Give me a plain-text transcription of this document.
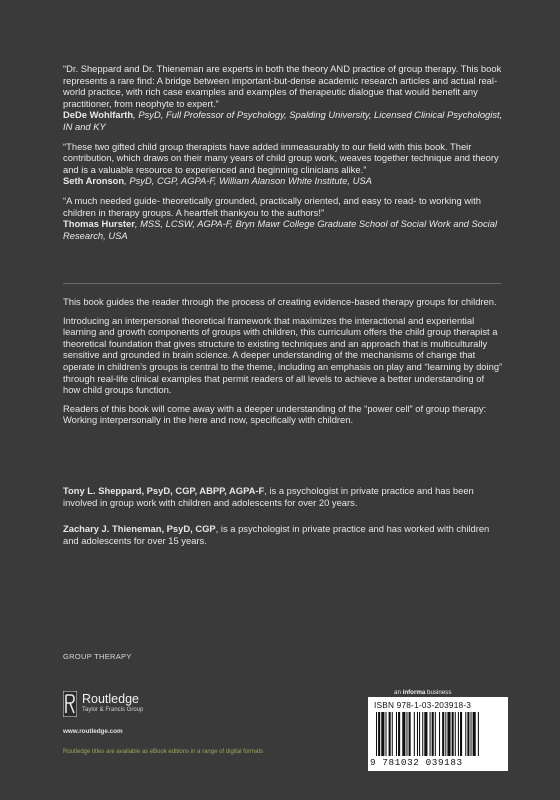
“Dr. Sheppard and Dr. Thieneman are experts in both the theory AND practice of group therapy. This book represents a rare find: A bridge between important-but-dense academic research articles and actual real-world practice, with rich case examples and examples of therapeutic dialogue that would benefit any practitioner, from neophyte to expert.”
DeDe Wohlfarth, PsyD, Full Professor of Psychology, Spalding University, Licensed Clinical Psychologist, IN and KY
“These two gifted child group therapists have added immeasurably to our field with this book. Their contribution, which draws on their many years of child group work, weaves together technique and theory and is a valuable resource to experienced and beginning clinicians alike.”
Seth Aronson, PsyD, CGP, AGPA-F, William Alanson White Institute, USA
“A much needed guide- theoretically grounded, practically oriented, and easy to read- to working with children in therapy groups. A heartfelt thankyou to the authors!”
Thomas Hurster, MSS, LCSW, AGPA-F, Bryn Mawr College Graduate School of Social Work and Social Research, USA
This book guides the reader through the process of creating evidence-based therapy groups for children.
Introducing an interpersonal theoretical framework that maximizes the interactional and experiential learning and growth components of groups with children, this curriculum offers the child group therapist a theoretical foundation that gives structure to existing techniques and an approach that is multiculturally sensitive and grounded in brain science. A deeper understanding of the mechanisms of change that operate in children’s groups is central to the theme, including an emphasis on play and “learning by doing” through real-life clinical examples that permit readers of all levels to achieve a better understanding of how child groups function.
Readers of this book will come away with a deeper understanding of the “power cell” of group therapy: Working interpersonally in the here and now, specifically with children.
Tony L. Sheppard, PsyD, CGP, ABPP, AGPA-F, is a psychologist in private practice and has been involved in group work with children and adolescents for over 20 years.
Zachary J. Thieneman, PsyD, CGP, is a psychologist in private practice and has worked with children and adolescents for over 15 years.
GROUP THERAPY
Routledge
Taylor & Francis Group
www.routledge.com
Routledge titles are available as eBook editions in a range of digital formats
an informa business
ISBN 978-1-03-203918-3
9 781032 039183
